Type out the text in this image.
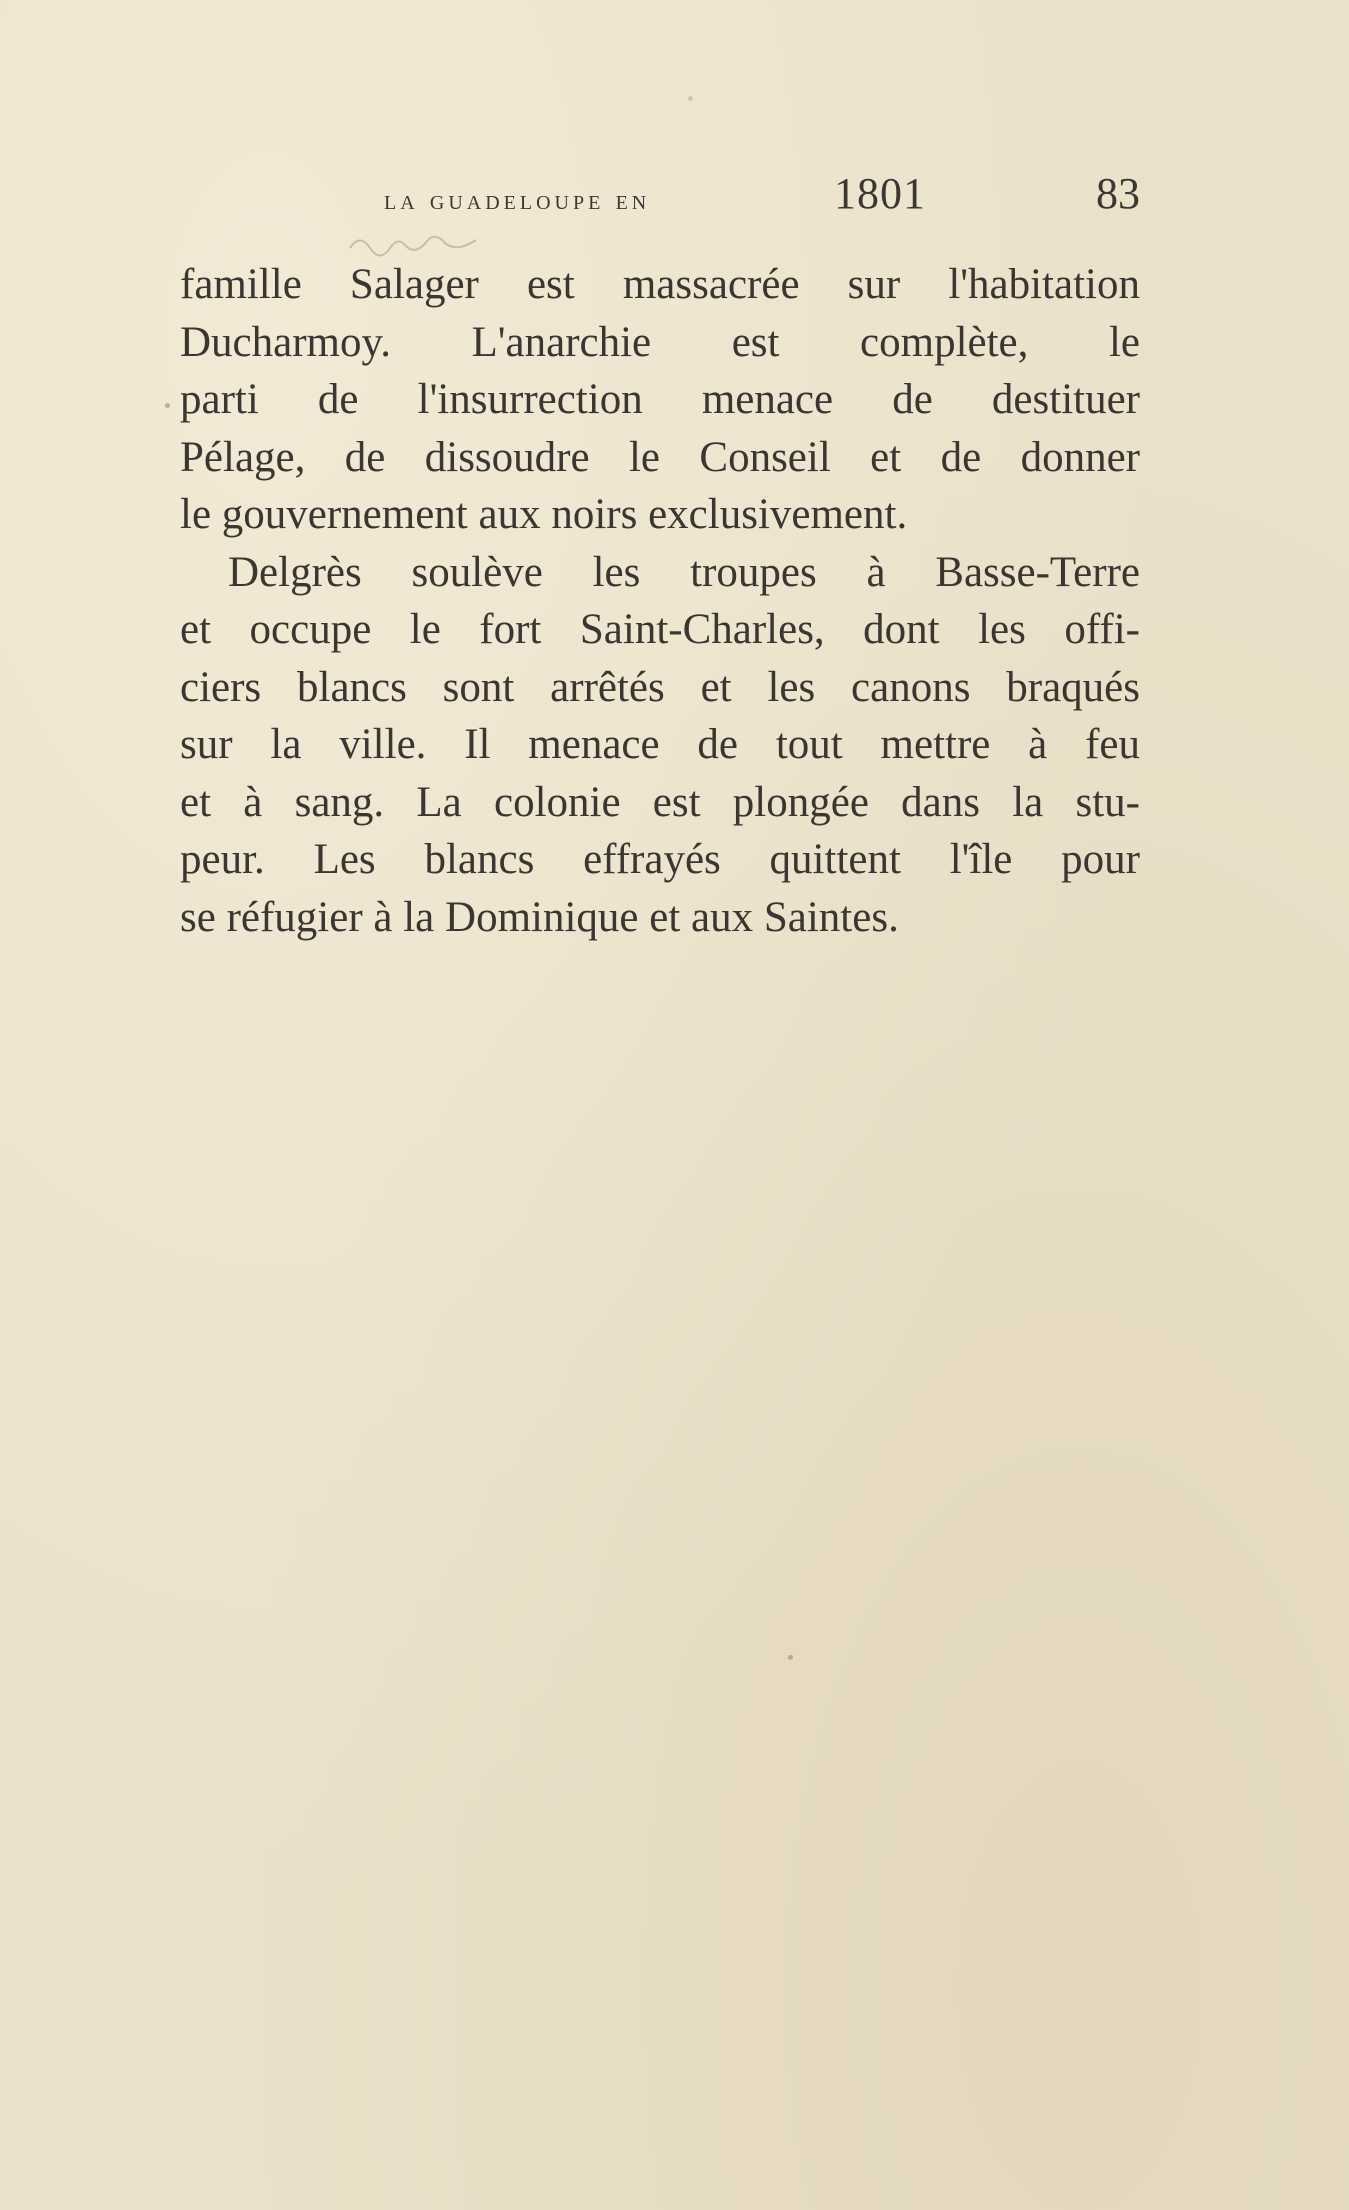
la guadeloupe en	1801	83
famille Salager est massacrée sur l'habitation
Ducharmoy. L'anarchie est complète, le
parti de l'insurrection menace de destituer
Pélage, de dissoudre le Conseil et de donner
le gouvernement aux noirs exclusivement.
Delgrès soulève les troupes à Basse-Terre
et occupe le fort Saint-Charles, dont les offi-
ciers blancs sont arrêtés et les canons braqués
sur la ville. Il menace de tout mettre à feu
et à sang. La colonie est plongée dans la stu-
peur. Les blancs effrayés quittent l'île pour
se réfugier à la Dominique et aux Saintes.
